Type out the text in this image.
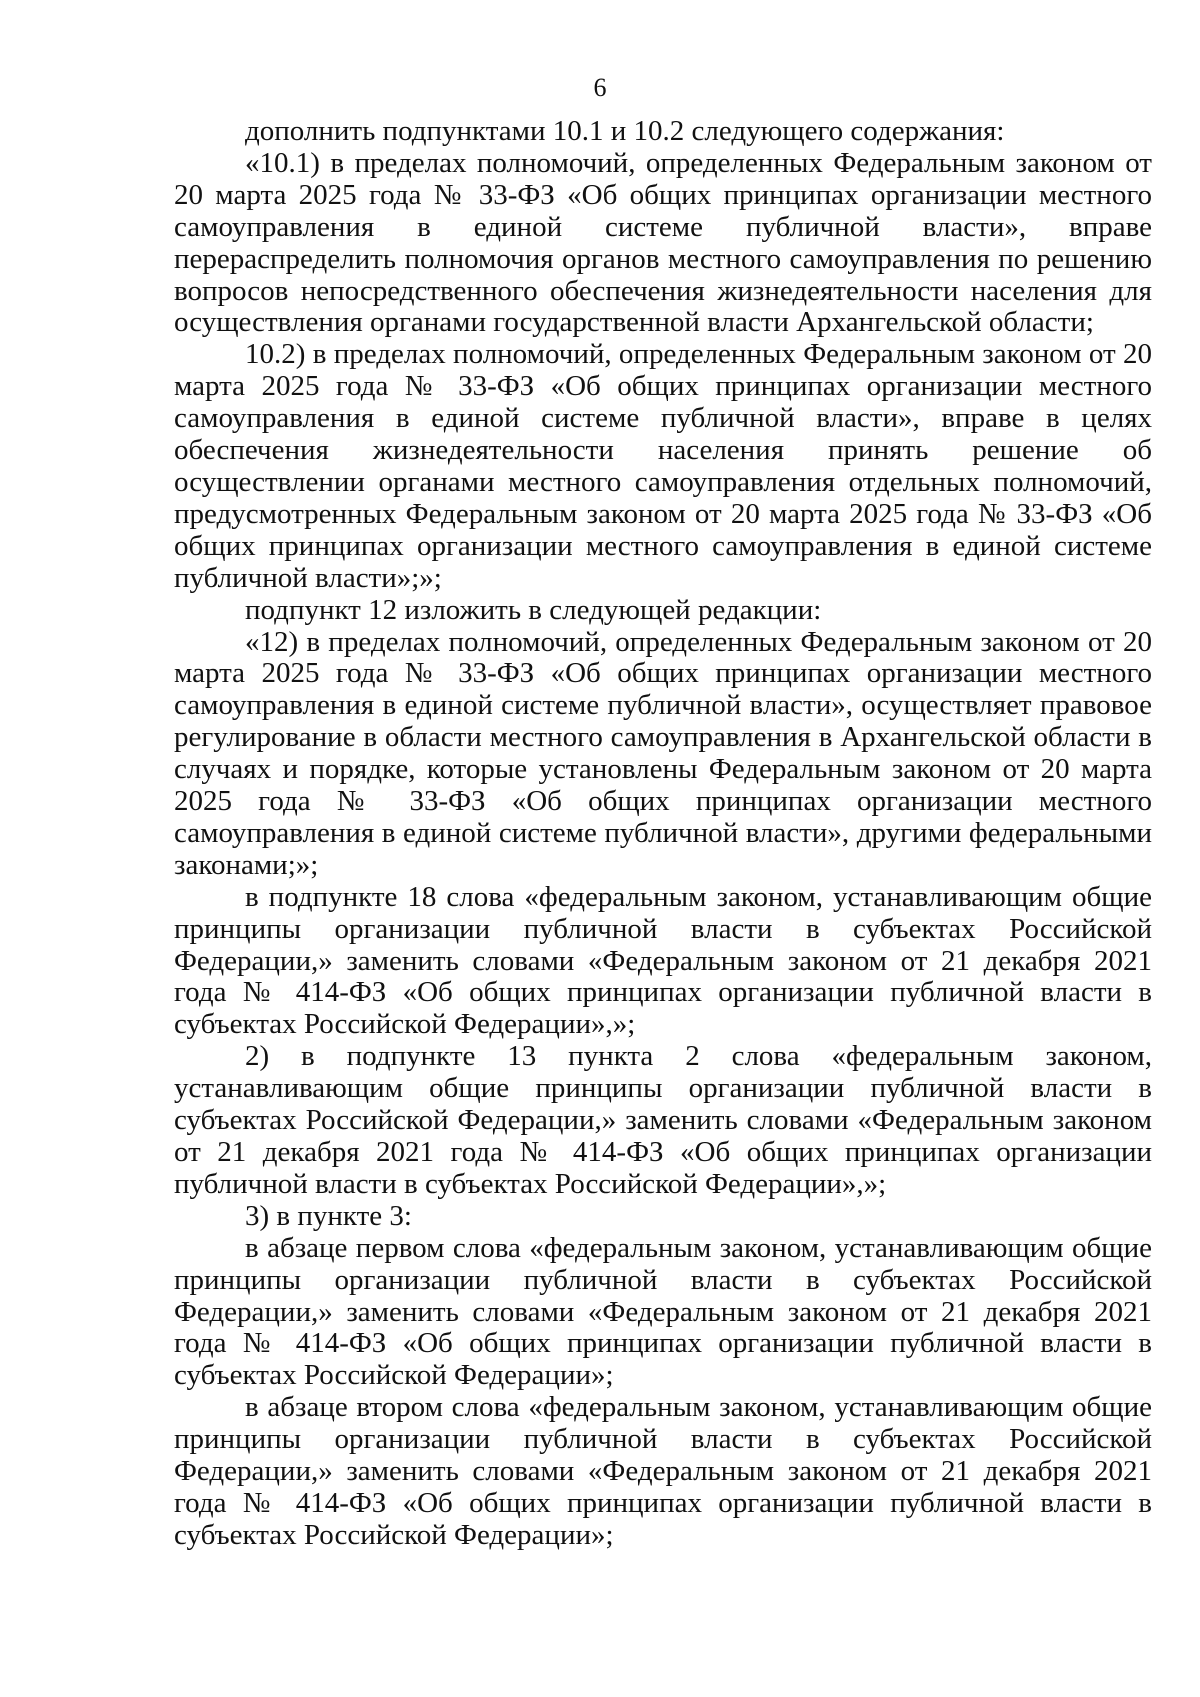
6

дополнить подпунктами 10.1 и 10.2 следующего содержания:

«10.1) в пределах полномочий, определенных Федеральным законом от 20 марта 2025 года № 33-ФЗ «Об общих принципах организации местного самоуправления в единой системе публичной власти», вправе перераспределить полномочия органов местного самоуправления по решению вопросов непосредственного обеспечения жизнедеятельности населения для осуществления органами государственной власти Архангельской области;

10.2) в пределах полномочий, определенных Федеральным законом от 20 марта 2025 года № 33-ФЗ «Об общих принципах организации местного самоуправления в единой системе публичной власти», вправе в целях обеспечения жизнедеятельности населения принять решение об осуществлении органами местного самоуправления отдельных полномочий, предусмотренных Федеральным законом от 20 марта 2025 года № 33-ФЗ «Об общих принципах организации местного самоуправления в единой системе публичной власти»;»;

подпункт 12 изложить в следующей редакции:

«12) в пределах полномочий, определенных Федеральным законом от 20 марта 2025 года № 33-ФЗ «Об общих принципах организации местного самоуправления в единой системе публичной власти», осуществляет правовое регулирование в области местного самоуправления в Архангельской области в случаях и порядке, которые установлены Федеральным законом от 20 марта 2025 года № 33-ФЗ «Об общих принципах организации местного самоуправления в единой системе публичной власти», другими федеральными законами;»;

в подпункте 18 слова «федеральным законом, устанавливающим общие принципы организации публичной власти в субъектах Российской Федерации,» заменить словами «Федеральным законом от 21 декабря 2021 года № 414-ФЗ «Об общих принципах организации публичной власти в субъектах Российской Федерации»,»;

2) в подпункте 13 пункта 2 слова «федеральным законом, устанавливающим общие принципы организации публичной власти в субъектах Российской Федерации,» заменить словами «Федеральным законом от 21 декабря 2021 года № 414-ФЗ «Об общих принципах организации публичной власти в субъектах Российской Федерации»,»;

3) в пункте 3:

в абзаце первом слова «федеральным законом, устанавливающим общие принципы организации публичной власти в субъектах Российской Федерации,» заменить словами «Федеральным законом от 21 декабря 2021 года № 414-ФЗ «Об общих принципах организации публичной власти в субъектах Российской Федерации»;

в абзаце втором слова «федеральным законом, устанавливающим общие принципы организации публичной власти в субъектах Российской Федерации,» заменить словами «Федеральным законом от 21 декабря 2021 года № 414-ФЗ «Об общих принципах организации публичной власти в субъектах Российской Федерации»;
